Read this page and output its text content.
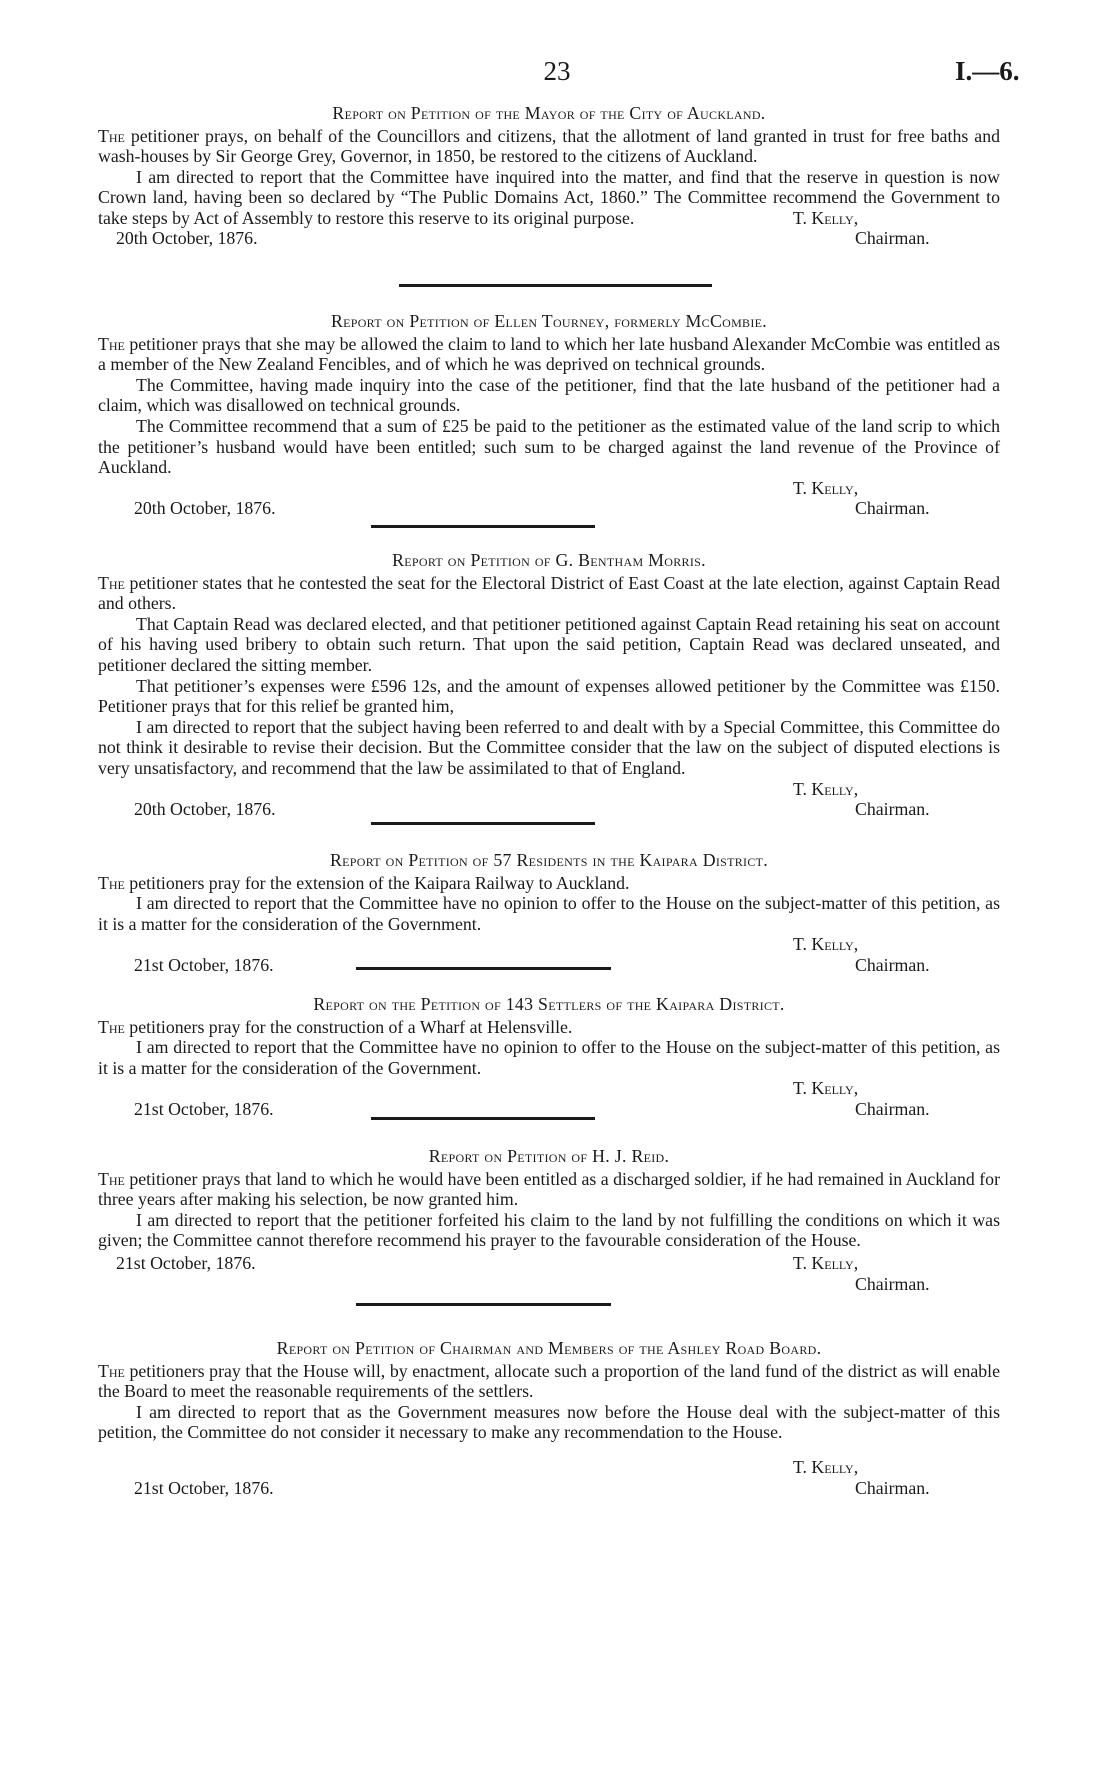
23	I.—6.
Report on Petition of the Mayor of the City of Auckland.
The petitioner prays, on behalf of the Councillors and citizens, that the allotment of land granted in trust for free baths and wash-houses by Sir George Grey, Governor, in 1850, be restored to the citizens of Auckland.
I am directed to report that the Committee have inquired into the matter, and find that the reserve in question is now Crown land, having been so declared by “The Public Domains Act, 1860.” The Committee recommend the Government to take steps by Act of Assembly to restore this reserve to its original purpose.	T. Kelly,
20th October, 1876.	Chairman.
Report on Petition of Ellen Tourney, formerly McCombie.
The petitioner prays that she may be allowed the claim to land to which her late husband Alexander McCombie was entitled as a member of the New Zealand Fencibles, and of which he was deprived on technical grounds.
The Committee, having made inquiry into the case of the petitioner, find that the late husband of the petitioner had a claim, which was disallowed on technical grounds.
The Committee recommend that a sum of £25 be paid to the petitioner as the estimated value of the land scrip to which the petitioner’s husband would have been entitled; such sum to be charged against the land revenue of the Province of Auckland.
T. Kelly,
20th October, 1876.	Chairman.
Report on Petition of G. Bentham Morris.
The petitioner states that he contested the seat for the Electoral District of East Coast at the late election, against Captain Read and others.
That Captain Read was declared elected, and that petitioner petitioned against Captain Read retaining his seat on account of his having used bribery to obtain such return. That upon the said petition, Captain Read was declared unseated, and petitioner declared the sitting member.
That petitioner’s expenses were £596 12s, and the amount of expenses allowed petitioner by the Committee was £150. Petitioner prays that for this relief be granted him,
I am directed to report that the subject having been referred to and dealt with by a Special Committee, this Committee do not think it desirable to revise their decision. But the Committee consider that the law on the subject of disputed elections is very unsatisfactory, and recommend that the law be assimilated to that of England.
T. Kelly,
20th October, 1876.	Chairman.
Report on Petition of 57 Residents in the Kaipara District.
The petitioners pray for the extension of the Kaipara Railway to Auckland.
I am directed to report that the Committee have no opinion to offer to the House on the subject-matter of this petition, as it is a matter for the consideration of the Government.
T. Kelly,
21st October, 1876.	Chairman.
Report on the Petition of 143 Settlers of the Kaipara District.
The petitioners pray for the construction of a Wharf at Helensville.
I am directed to report that the Committee have no opinion to offer to the House on the subject-matter of this petition, as it is a matter for the consideration of the Government.
T. Kelly,
21st October, 1876.	Chairman.
Report on Petition of H. J. Reid.
The petitioner prays that land to which he would have been entitled as a discharged soldier, if he had remained in Auckland for three years after making his selection, be now granted him.
I am directed to report that the petitioner forfeited his claim to the land by not fulfilling the conditions on which it was given; the Committee cannot therefore recommend his prayer to the favourable consideration of the House.
21st October, 1876.	T. Kelly,
Chairman.
Report on Petition of Chairman and Members of the Ashley Road Board.
The petitioners pray that the House will, by enactment, allocate such a proportion of the land fund of the district as will enable the Board to meet the reasonable requirements of the settlers.
I am directed to report that as the Government measures now before the House deal with the subject-matter of this petition, the Committee do not consider it necessary to make any recommendation to the House.
T. Kelly,
21st October, 1876.	Chairman.
